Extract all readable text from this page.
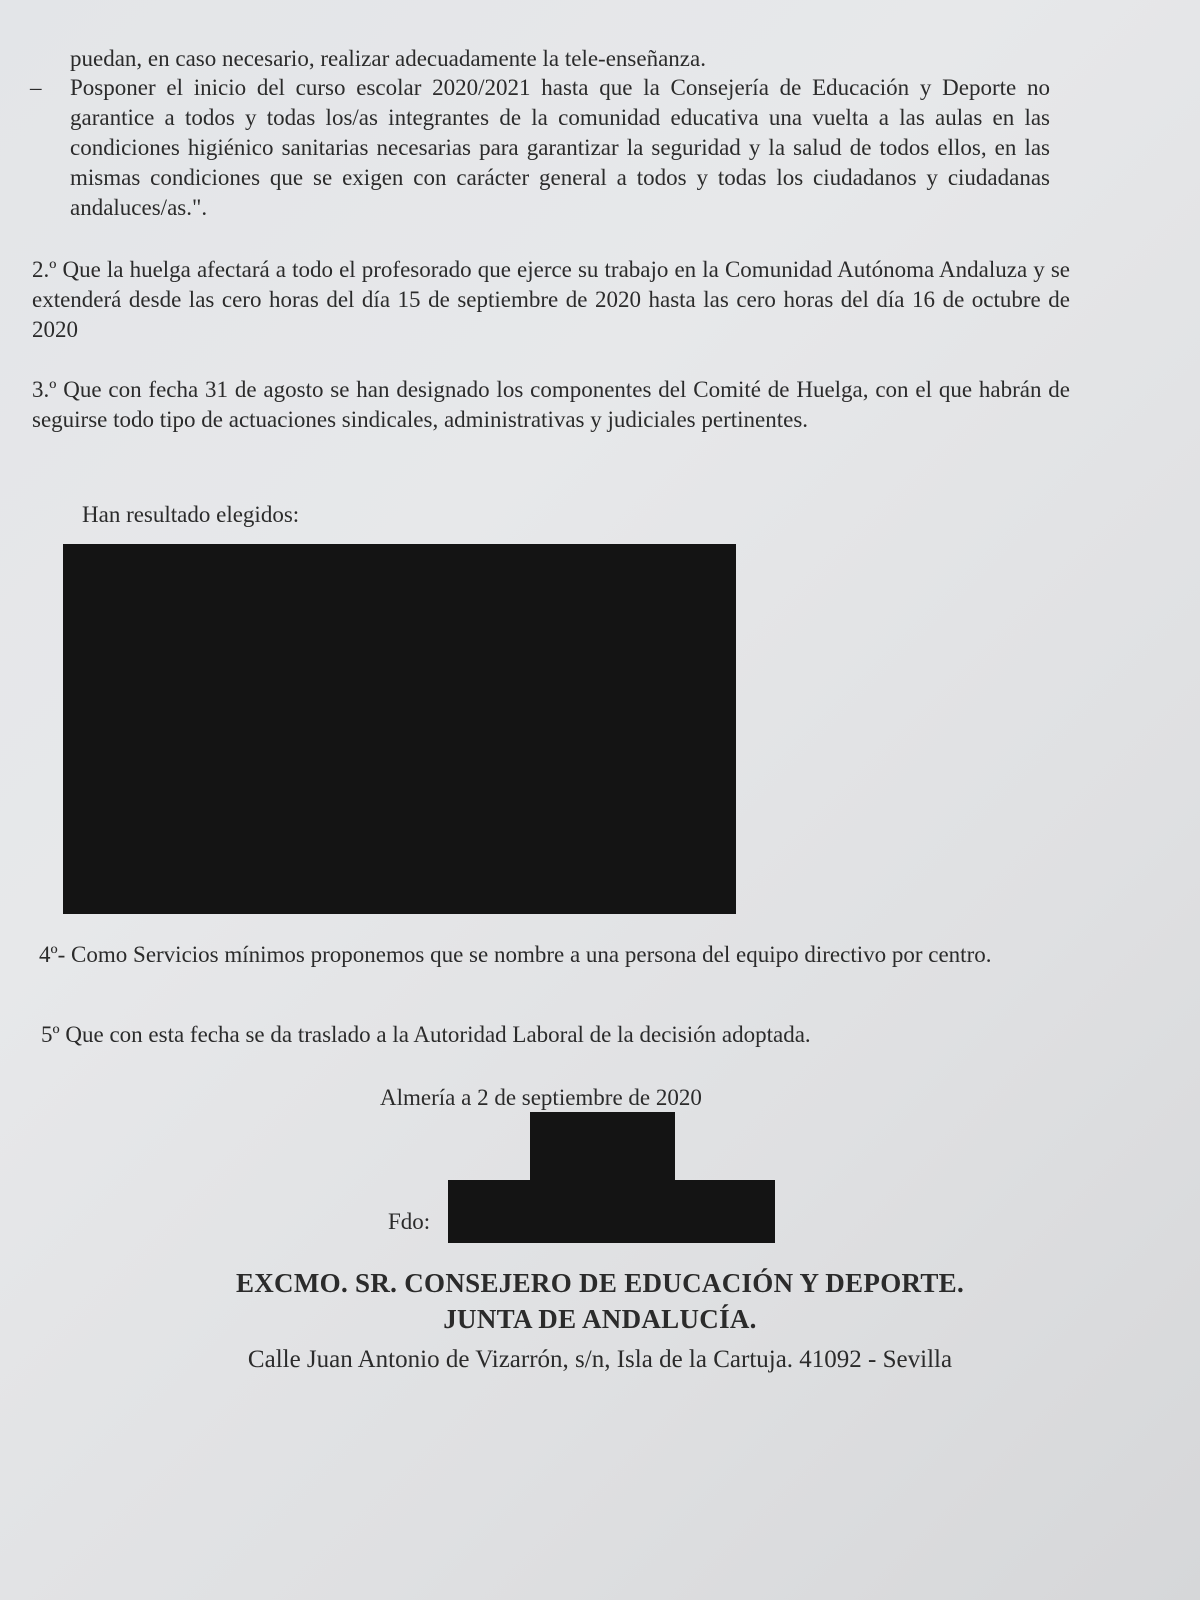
puedan, en caso necesario, realizar adecuadamente la tele-enseñanza.

– Posponer el inicio del curso escolar 2020/2021 hasta que la Consejería de Educación y Deporte no garantice a todos y todas los/as integrantes de la comunidad educativa una vuelta a las aulas en las condiciones higiénico sanitarias necesarias para garantizar la seguridad y la salud de todos ellos, en las mismas condiciones que se exigen con carácter general a todos y todas los ciudadanos y ciudadanas andaluces/as.".

2.º Que la huelga afectará a todo el profesorado que ejerce su trabajo en la Comunidad Autónoma Andaluza y se extenderá desde las cero horas del día 15 de septiembre de 2020 hasta las cero horas del día 16 de octubre de 2020

3.º Que con fecha 31 de agosto se han designado los componentes del Comité de Huelga, con el que habrán de seguirse todo tipo de actuaciones sindicales, administrativas y judiciales pertinentes.

Han resultado elegidos:

4º- Como Servicios mínimos proponemos que se nombre a una persona del equipo directivo por centro.

5º Que con esta fecha se da traslado a la Autoridad Laboral de la decisión adoptada.

Almería a 2 de septiembre de 2020

Fdo:

EXCMO. SR. CONSEJERO DE EDUCACIÓN Y DEPORTE.
JUNTA DE ANDALUCÍA.
Calle Juan Antonio de Vizarrón, s/n, Isla de la Cartuja. 41092 - Sevilla
